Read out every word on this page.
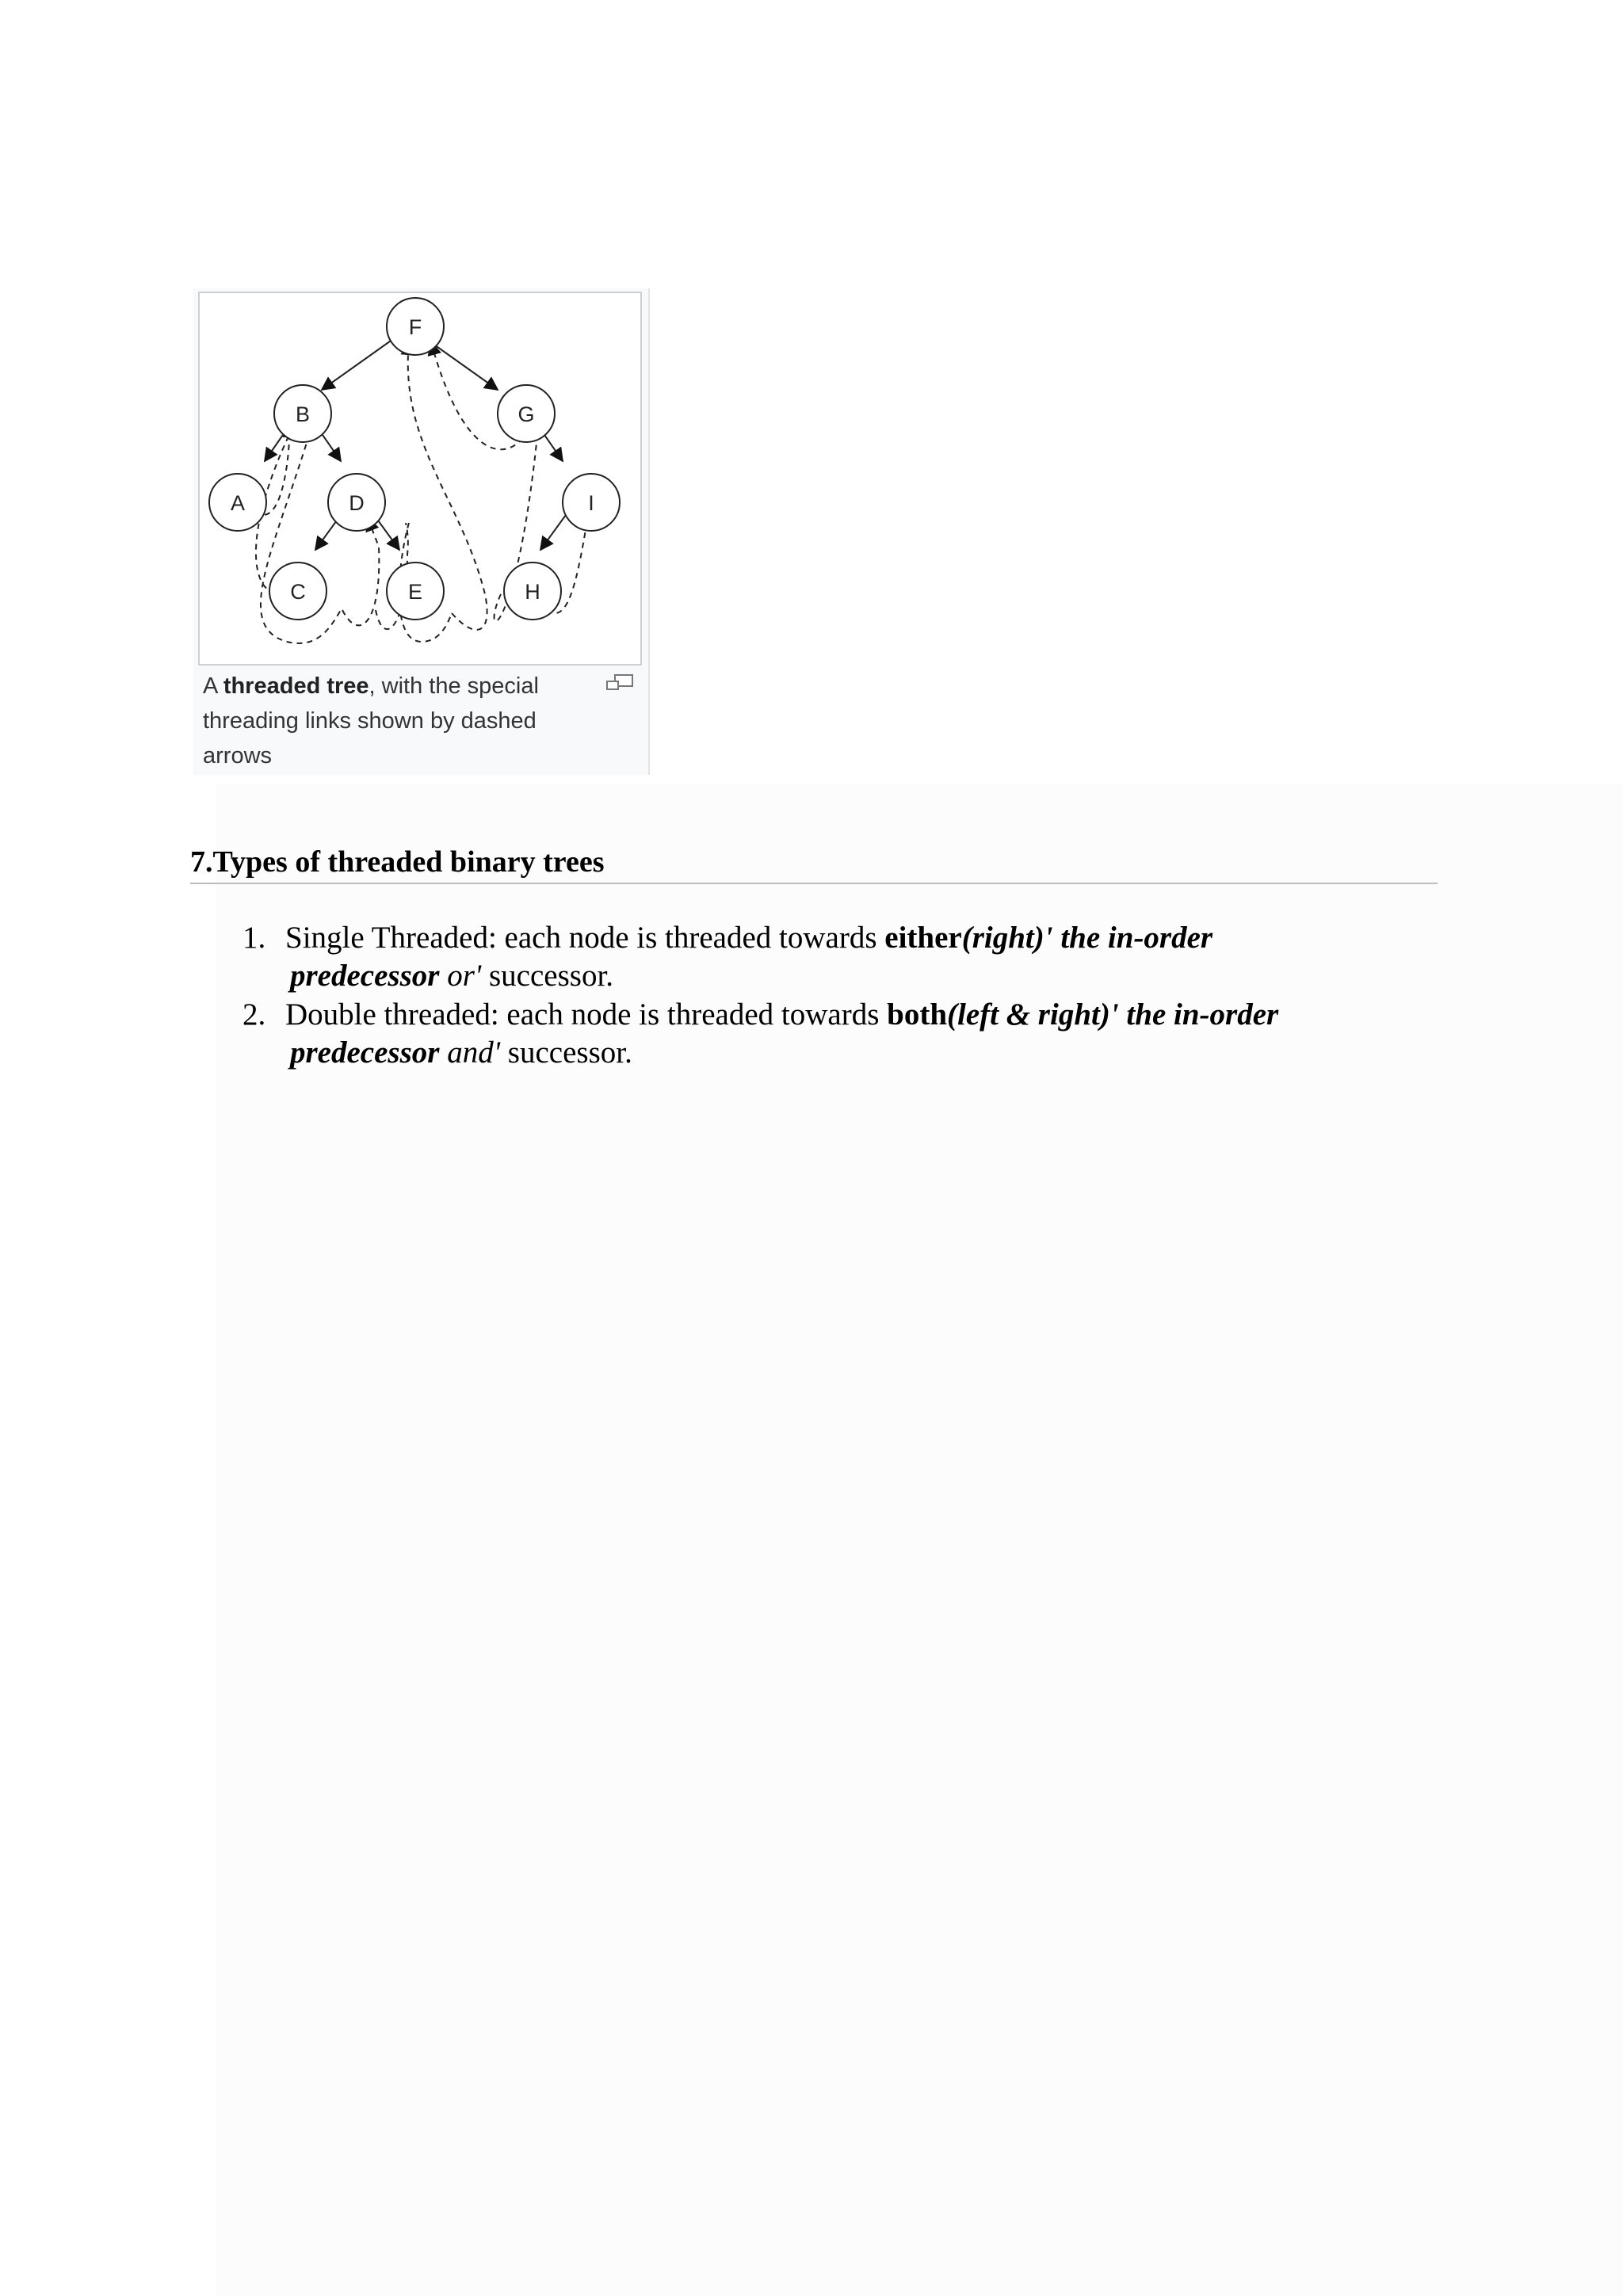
F
B	G
A	D	I
C	E	H
A threaded tree, with the special threading links shown by dashed arrows
7.Types of threaded binary trees
1. Single Threaded: each node is threaded towards either(right)' the in-order
predecessor or' successor.
2. Double threaded: each node is threaded towards both(left & right)' the in-order
predecessor and' successor.
